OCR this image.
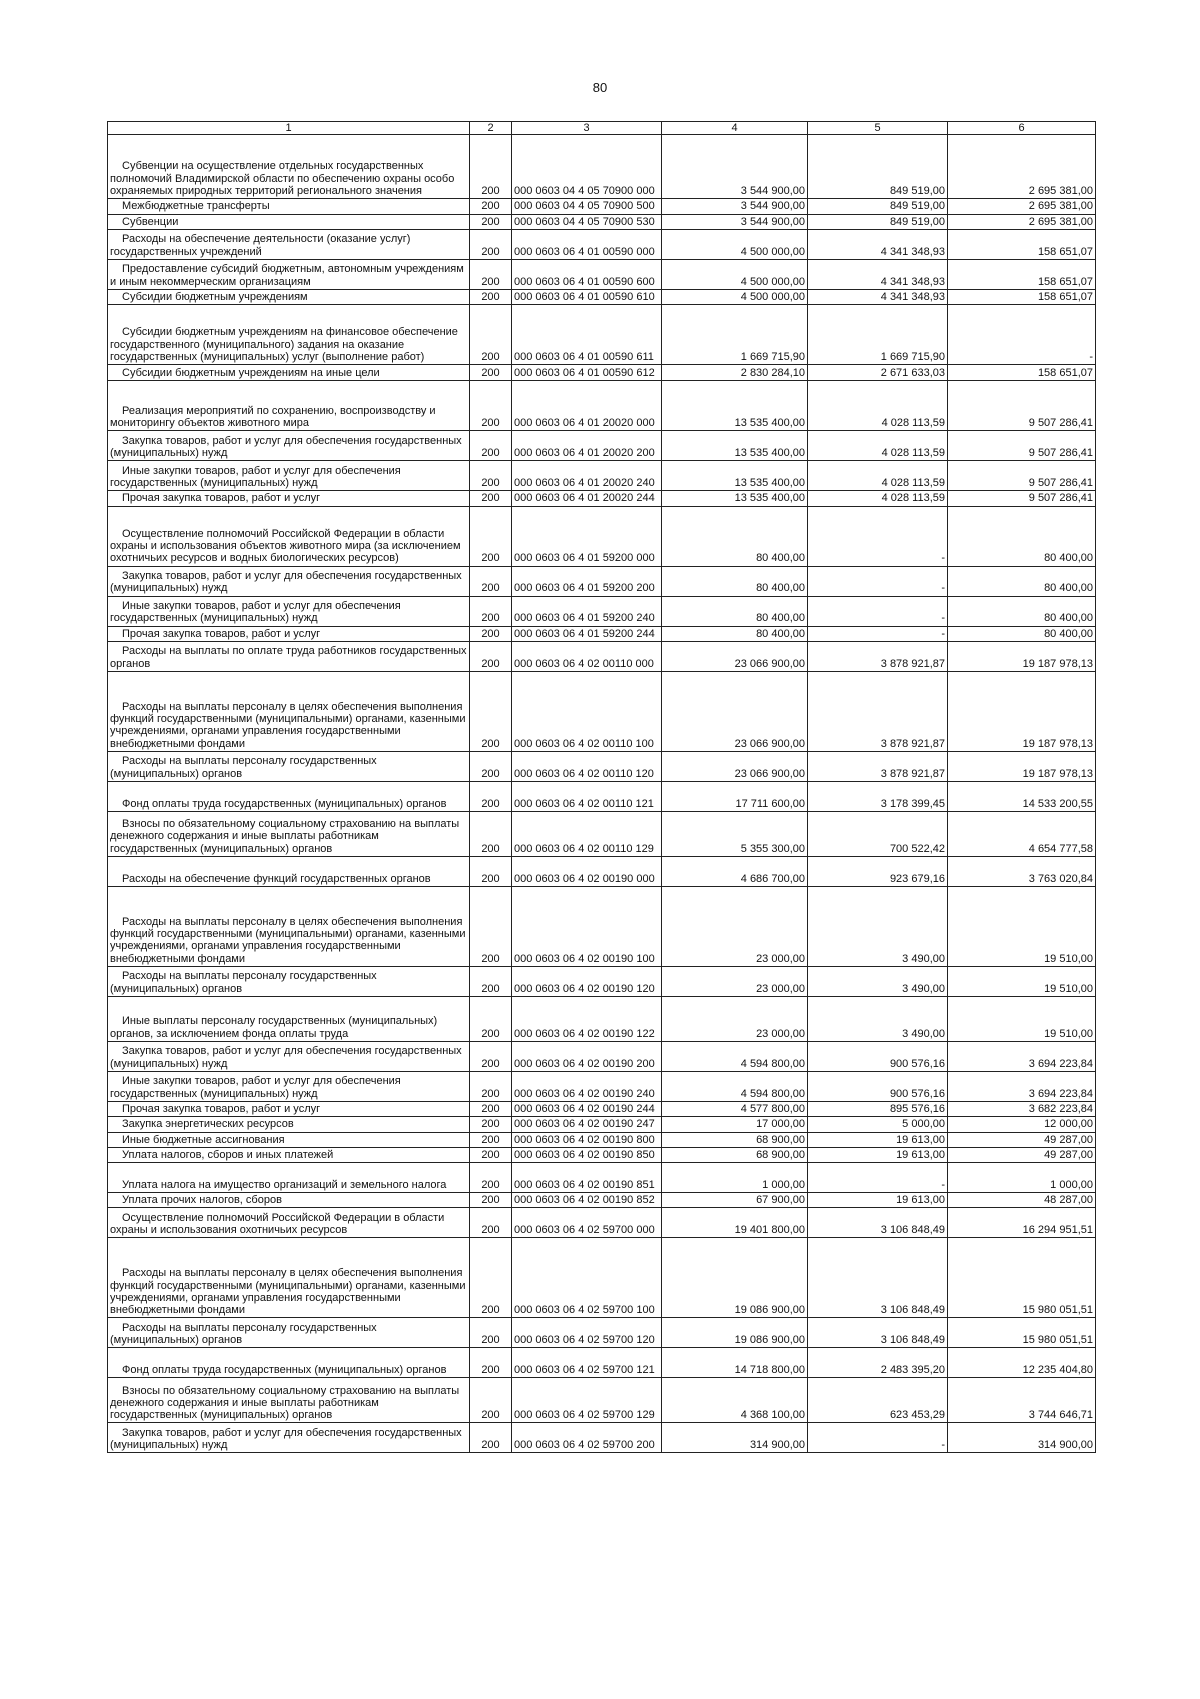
80
1	2	3	4	5	6

Субвенции на осуществление отдельных государственных полномочий Владимирской области по обеспечению охраны особо охраняемых природных территорий регионального значения	200	000 0603 04 4 05 70900 000	3 544 900,00	849 519,00	2 695 381,00

Межбюджетные трансферты	200	000 0603 04 4 05 70900 500	3 544 900,00	849 519,00	2 695 381,00

Субвенции	200	000 0603 04 4 05 70900 530	3 544 900,00	849 519,00	2 695 381,00

Расходы на обеспечение деятельности (оказание услуг) государственных учреждений	200	000 0603 06 4 01 00590 000	4 500 000,00	4 341 348,93	158 651,07

Предоставление субсидий бюджетным, автономным учреждениям и иным некоммерческим организациям	200	000 0603 06 4 01 00590 600	4 500 000,00	4 341 348,93	158 651,07

Субсидии бюджетным учреждениям	200	000 0603 06 4 01 00590 610	4 500 000,00	4 341 348,93	158 651,07

Субсидии бюджетным учреждениям на финансовое обеспечение государственного (муниципального) задания на оказание государственных (муниципальных) услуг (выполнение работ)	200	000 0603 06 4 01 00590 611	1 669 715,90	1 669 715,90	-

Субсидии бюджетным учреждениям на иные цели	200	000 0603 06 4 01 00590 612	2 830 284,10	2 671 633,03	158 651,07

Реализация мероприятий по сохранению, воспроизводству и мониторингу объектов животного мира	200	000 0603 06 4 01 20020 000	13 535 400,00	4 028 113,59	9 507 286,41

Закупка товаров, работ и услуг для обеспечения государственных (муниципальных) нужд	200	000 0603 06 4 01 20020 200	13 535 400,00	4 028 113,59	9 507 286,41

Иные закупки товаров, работ и услуг для обеспечения государственных (муниципальных) нужд	200	000 0603 06 4 01 20020 240	13 535 400,00	4 028 113,59	9 507 286,41

Прочая закупка товаров, работ и услуг	200	000 0603 06 4 01 20020 244	13 535 400,00	4 028 113,59	9 507 286,41

Осуществление полномочий Российской Федерации в области охраны и использования объектов животного мира (за исключением охотничьих ресурсов и водных биологических ресурсов)	200	000 0603 06 4 01 59200 000	80 400,00	-	80 400,00

Закупка товаров, работ и услуг для обеспечения государственных (муниципальных) нужд	200	000 0603 06 4 01 59200 200	80 400,00	-	80 400,00

Иные закупки товаров, работ и услуг для обеспечения государственных (муниципальных) нужд	200	000 0603 06 4 01 59200 240	80 400,00	-	80 400,00

Прочая закупка товаров, работ и услуг	200	000 0603 06 4 01 59200 244	80 400,00	-	80 400,00

Расходы на выплаты по оплате труда работников государственных органов	200	000 0603 06 4 02 00110 000	23 066 900,00	3 878 921,87	19 187 978,13

Расходы на выплаты персоналу в целях обеспечения выполнения функций государственными (муниципальными) органами, казенными учреждениями, органами управления государственными внебюджетными фондами	200	000 0603 06 4 02 00110 100	23 066 900,00	3 878 921,87	19 187 978,13

Расходы на выплаты персоналу государственных (муниципальных) органов	200	000 0603 06 4 02 00110 120	23 066 900,00	3 878 921,87	19 187 978,13

Фонд оплаты труда государственных (муниципальных) органов	200	000 0603 06 4 02 00110 121	17 711 600,00	3 178 399,45	14 533 200,55

Взносы по обязательному социальному страхованию на выплаты денежного содержания и иные выплаты работникам государственных (муниципальных) органов	200	000 0603 06 4 02 00110 129	5 355 300,00	700 522,42	4 654 777,58

Расходы на обеспечение функций государственных органов	200	000 0603 06 4 02 00190 000	4 686 700,00	923 679,16	3 763 020,84

Расходы на выплаты персоналу в целях обеспечения выполнения функций государственными (муниципальными) органами, казенными учреждениями, органами управления государственными внебюджетными фондами	200	000 0603 06 4 02 00190 100	23 000,00	3 490,00	19 510,00

Расходы на выплаты персоналу государственных (муниципальных) органов	200	000 0603 06 4 02 00190 120	23 000,00	3 490,00	19 510,00

Иные выплаты персоналу государственных (муниципальных) органов, за исключением фонда оплаты труда	200	000 0603 06 4 02 00190 122	23 000,00	3 490,00	19 510,00

Закупка товаров, работ и услуг для обеспечения государственных (муниципальных) нужд	200	000 0603 06 4 02 00190 200	4 594 800,00	900 576,16	3 694 223,84

Иные закупки товаров, работ и услуг для обеспечения государственных (муниципальных) нужд	200	000 0603 06 4 02 00190 240	4 594 800,00	900 576,16	3 694 223,84

Прочая закупка товаров, работ и услуг	200	000 0603 06 4 02 00190 244	4 577 800,00	895 576,16	3 682 223,84

Закупка энергетических ресурсов	200	000 0603 06 4 02 00190 247	17 000,00	5 000,00	12 000,00

Иные бюджетные ассигнования	200	000 0603 06 4 02 00190 800	68 900,00	19 613,00	49 287,00

Уплата налогов, сборов и иных платежей	200	000 0603 06 4 02 00190 850	68 900,00	19 613,00	49 287,00

Уплата налога на имущество организаций и земельного налога	200	000 0603 06 4 02 00190 851	1 000,00	-	1 000,00

Уплата прочих налогов, сборов	200	000 0603 06 4 02 00190 852	67 900,00	19 613,00	48 287,00

Осуществление полномочий Российской Федерации в области охраны и использования охотничьих ресурсов	200	000 0603 06 4 02 59700 000	19 401 800,00	3 106 848,49	16 294 951,51

Расходы на выплаты персоналу в целях обеспечения выполнения функций государственными (муниципальными) органами, казенными учреждениями, органами управления государственными внебюджетными фондами	200	000 0603 06 4 02 59700 100	19 086 900,00	3 106 848,49	15 980 051,51

Расходы на выплаты персоналу государственных (муниципальных) органов	200	000 0603 06 4 02 59700 120	19 086 900,00	3 106 848,49	15 980 051,51

Фонд оплаты труда государственных (муниципальных) органов	200	000 0603 06 4 02 59700 121	14 718 800,00	2 483 395,20	12 235 404,80

Взносы по обязательному социальному страхованию на выплаты денежного содержания и иные выплаты работникам государственных (муниципальных) органов	200	000 0603 06 4 02 59700 129	4 368 100,00	623 453,29	3 744 646,71

Закупка товаров, работ и услуг для обеспечения государственных (муниципальных) нужд	200	000 0603 06 4 02 59700 200	314 900,00	-	314 900,00
